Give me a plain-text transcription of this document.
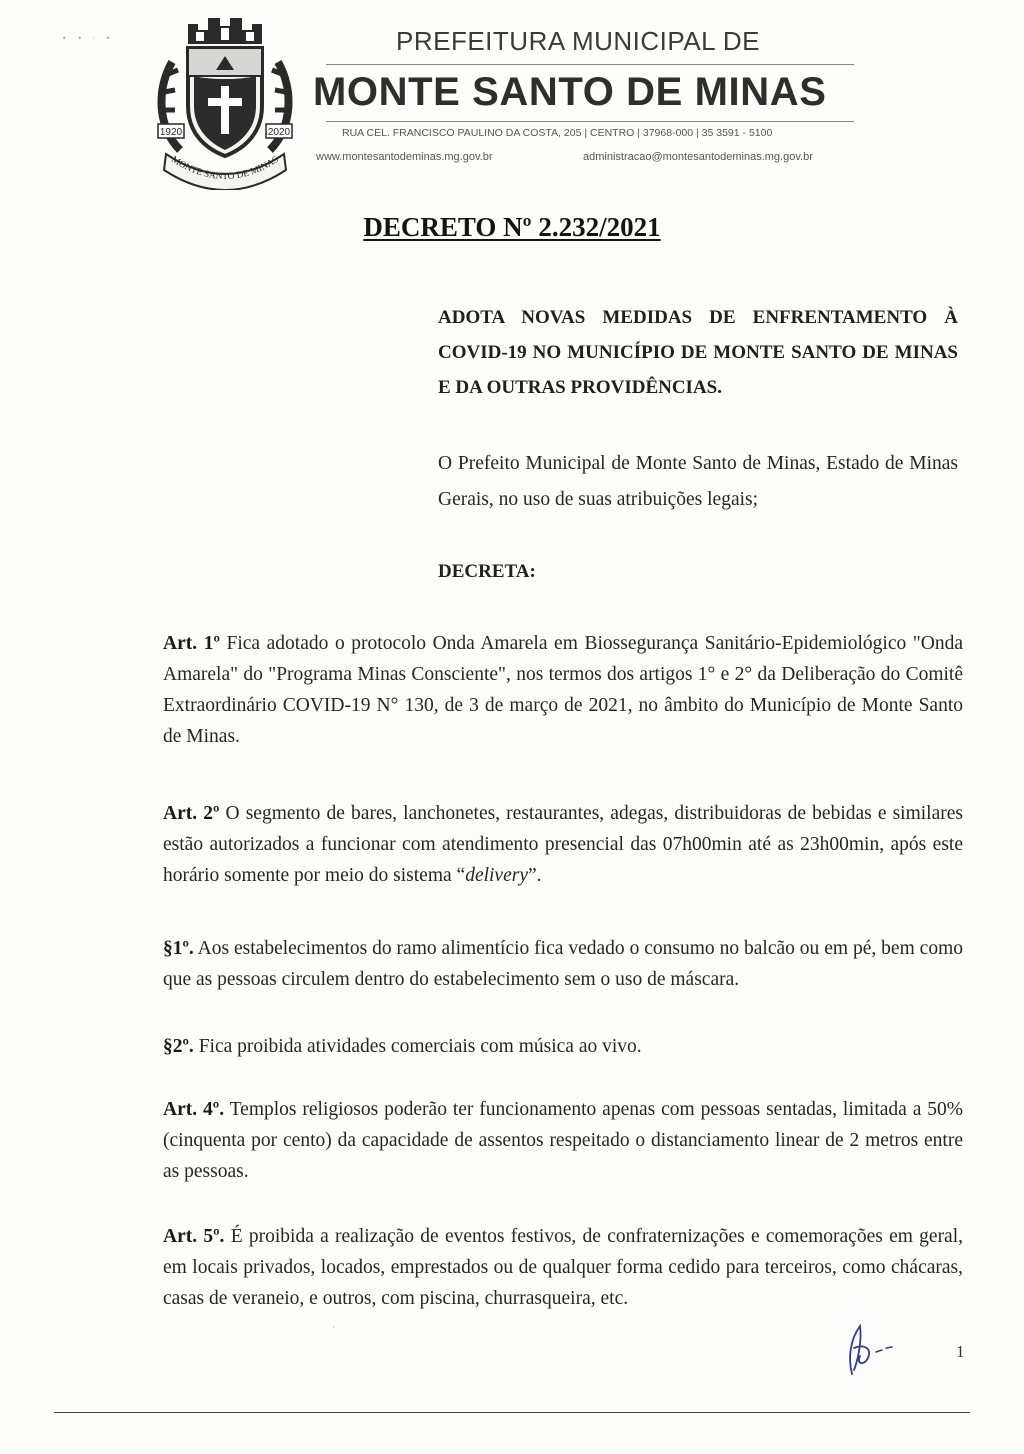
• • · •
1920	2020
MONTE SANTO DE MINAS
PREFEITURA MUNICIPAL DE
MONTE SANTO DE MINAS
RUA CEL. FRANCISCO PAULINO DA COSTA, 205 | CENTRO | 37968-000 | 35 3591 - 5100
www.montesantodeminas.mg.gov.br	administracao@montesantodeminas.mg.gov.br
DECRETO Nº 2.232/2021
ADOTA NOVAS MEDIDAS DE ENFRENTAMENTO À COVID-19 NO MUNICÍPIO DE MONTE SANTO DE MINAS E DA OUTRAS PROVIDÊNCIAS.
O Prefeito Municipal de Monte Santo de Minas, Estado de Minas Gerais, no uso de suas atribuições legais;
DECRETA:
Art. 1º Fica adotado o protocolo Onda Amarela em Biossegurança Sanitário-Epidemiológico "Onda Amarela" do "Programa Minas Consciente", nos termos dos artigos 1° e 2° da Deliberação do Comitê Extraordinário COVID-19 N° 130, de 3 de março de 2021, no âmbito do Município de Monte Santo de Minas.
Art. 2º O segmento de bares, lanchonetes, restaurantes, adegas, distribuidoras de bebidas e similares estão autorizados a funcionar com atendimento presencial das 07h00min até as 23h00min, após este horário somente por meio do sistema “delivery”.
§1º. Aos estabelecimentos do ramo alimentício fica vedado o consumo no balcão ou em pé, bem como que as pessoas circulem dentro do estabelecimento sem o uso de máscara.
§2º. Fica proibida atividades comerciais com música ao vivo.
Art. 4º. Templos religiosos poderão ter funcionamento apenas com pessoas sentadas, limitada a 50% (cinquenta por cento) da capacidade de assentos respeitado o distanciamento linear de 2 metros entre as pessoas.
Art. 5º. É proibida a realização de eventos festivos, de confraternizações e comemorações em geral, em locais privados, locados, emprestados ou de qualquer forma cedido para terceiros, como chácaras, casas de veraneio, e outros, com piscina, churrasqueira, etc.
·
1
